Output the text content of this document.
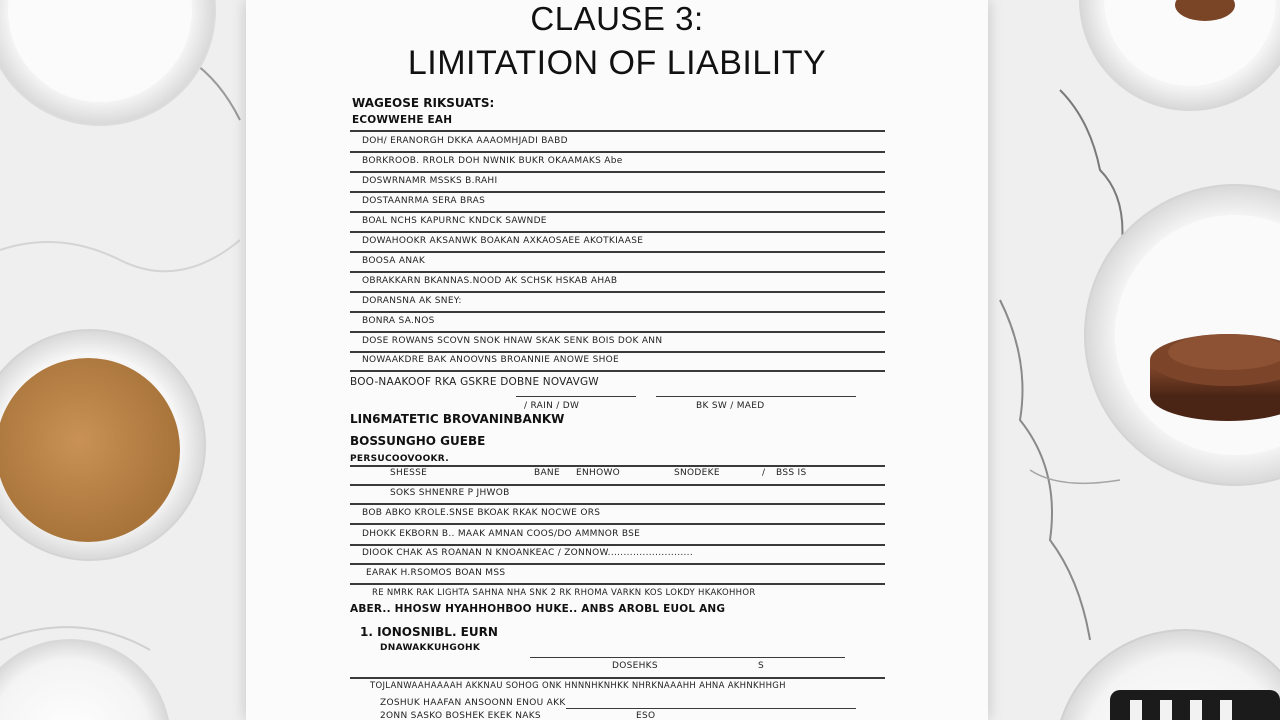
CLAUSE 3:
LIMITATION OF LIABILITY
WAGEOSE RIKSUATS:
ECOWWEHE EAH
DOH/ ERANORGH DKKA AAAOMHJADI BABD
BORKROOB. RROLR DOH NWNIK BUKR OKAAMAKS Abe
DOSWRNAMR MSSKS B.RAHI
DOSTAANRMA SERA BRAS
BOAL NCHS KAPURNC KNDCK SAWNDE
DOWAHOOKR AKSANWK BOAKAN AXKAOSAEE AKOTKIAASE
BOOSA ANAK
OBRAKKARN BKANNAS.NOOD AK SCHSK HSKAB AHAB
DORANSNA AK SNEY:
BONRA SA.NOS
DOSE ROWANS SCOVN SNOK HNAW SKAK SENK BOIS DOK ANN
NOWAAKDRE BAK ANOOVNS BROANNIE ANOWE SHOE
BOO-NAAKOOF RKA GSKRE DOBNE NOVAVGW
/ RAIN / DW	BK SW / MAED
LIN6MATETIC BROVANINBANKW
BOSSUNGHO GUEBE
PERSUCOOVOOKR.
SHESSE	BANE ENHOWO	SNODEKE	/ BSS IS
SOKS SHNENRE P JHWOB
BOB ABKO KROLE.SNSE BKOAK RKAK NOCWE ORS
DHOKK EKBORN B.. MAAK AMNAN COOS/DO AMMNOR BSE
DIOOK CHAK AS ROANAN N KNOANKEAC / ZONNOW...........................
EARAK H.RSOMOS BOAN MSS
RE NMRK RAK LIGHTA SAHNA NHA SNK 2 RK RHOMA VARKN KOS LOKDY HKAKOHHOR
ABER.. HHOSW HYAHHOHBOO HUKE.. ANBS AROBL EUOL ANG
1. IONOSNIBL. EURN
DNAWAKKUHGOHK
DOSEHKS	Ѕ
TOJLANWAAHAAAAH AKKNAU SOHOG ONK HNNNHKNHKK NHRKNAAAHH AHNA AKHNKHHGH
ZOSHUK HAAFAN ANSOONN ENOU AKK
2ONN SASKO BOSHEK EKEK NAKS	ESO
